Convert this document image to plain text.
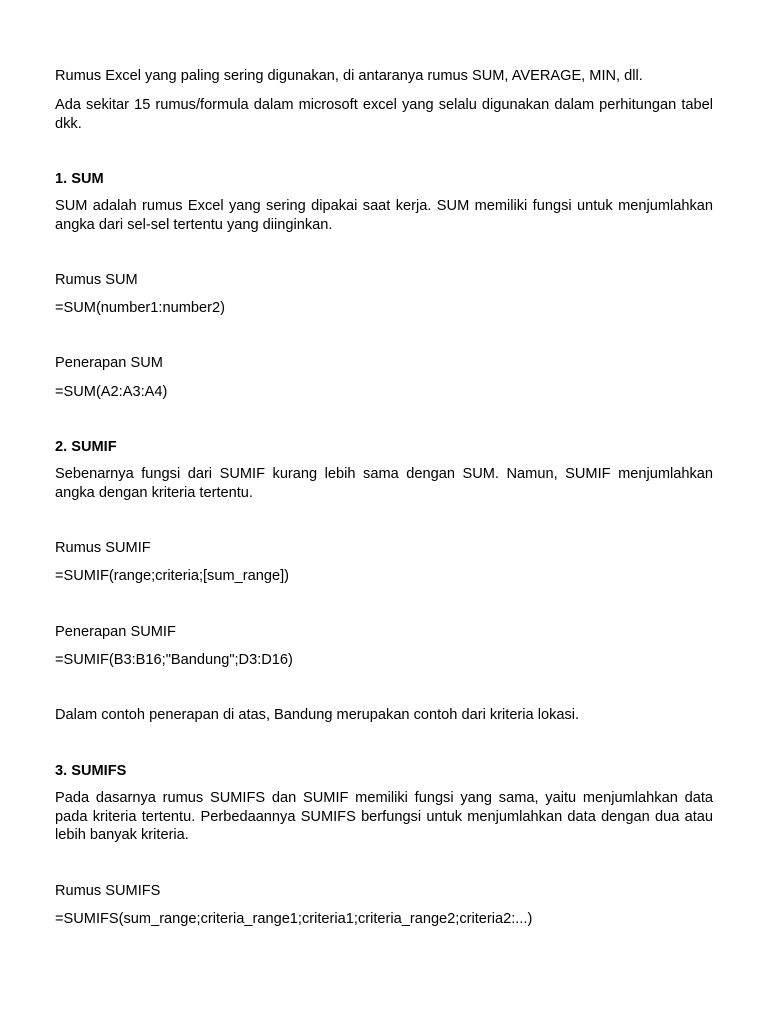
Rumus Excel yang paling sering digunakan, di antaranya rumus SUM, AVERAGE, MIN, dll.

Ada sekitar 15 rumus/formula dalam microsoft excel yang selalu digunakan dalam perhitungan tabel dkk.

1. SUM

SUM adalah rumus Excel yang sering dipakai saat kerja. SUM memiliki fungsi untuk menjumlahkan angka dari sel-sel tertentu yang diinginkan.

Rumus SUM

=SUM(number1:number2)

Penerapan SUM

=SUM(A2:A3:A4)

2. SUMIF

Sebenarnya fungsi dari SUMIF kurang lebih sama dengan SUM. Namun, SUMIF menjumlahkan angka dengan kriteria tertentu.

Rumus SUMIF

=SUMIF(range;criteria;[sum_range])

Penerapan SUMIF

=SUMIF(B3:B16;"Bandung";D3:D16)

Dalam contoh penerapan di atas, Bandung merupakan contoh dari kriteria lokasi.

3. SUMIFS

Pada dasarnya rumus SUMIFS dan SUMIF memiliki fungsi yang sama, yaitu menjumlahkan data pada kriteria tertentu. Perbedaannya SUMIFS berfungsi untuk menjumlahkan data dengan dua atau lebih banyak kriteria.

Rumus SUMIFS

=SUMIFS(sum_range;criteria_range1;criteria1;criteria_range2;criteria2:...)
